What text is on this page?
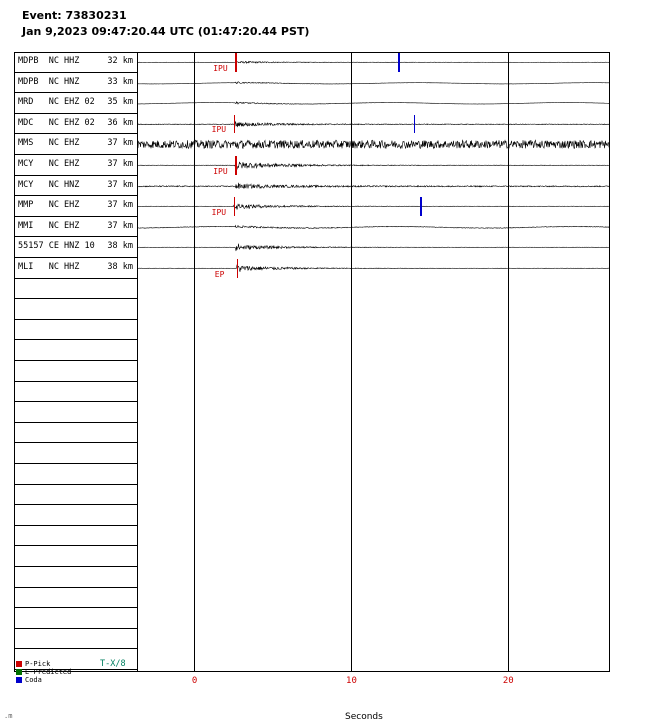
Event: 73830231
Jan 9,2023 09:47:20.44 UTC (01:47:20.44 PST)
MDPB  NC HHZ	32 km
MDPB  NC HNZ	33 km
MRD   NC EHZ 02 35 km
MDC   NC EHZ 02 36 km
MMS   NC EHZ	37 km
MCY   NC EHZ	37 km
MCY   NC HNZ	37 km
MMP   NC EHZ	37 km
MMI   NC EHZ	37 km
55157 CE HNZ 10 38 km
MLI   NC HHZ	38 km
IPU
IPU
IPU
IPU
EP
0	10	20
Seconds
T-X/8
P-Pick
E-Predicted
Coda
.m
